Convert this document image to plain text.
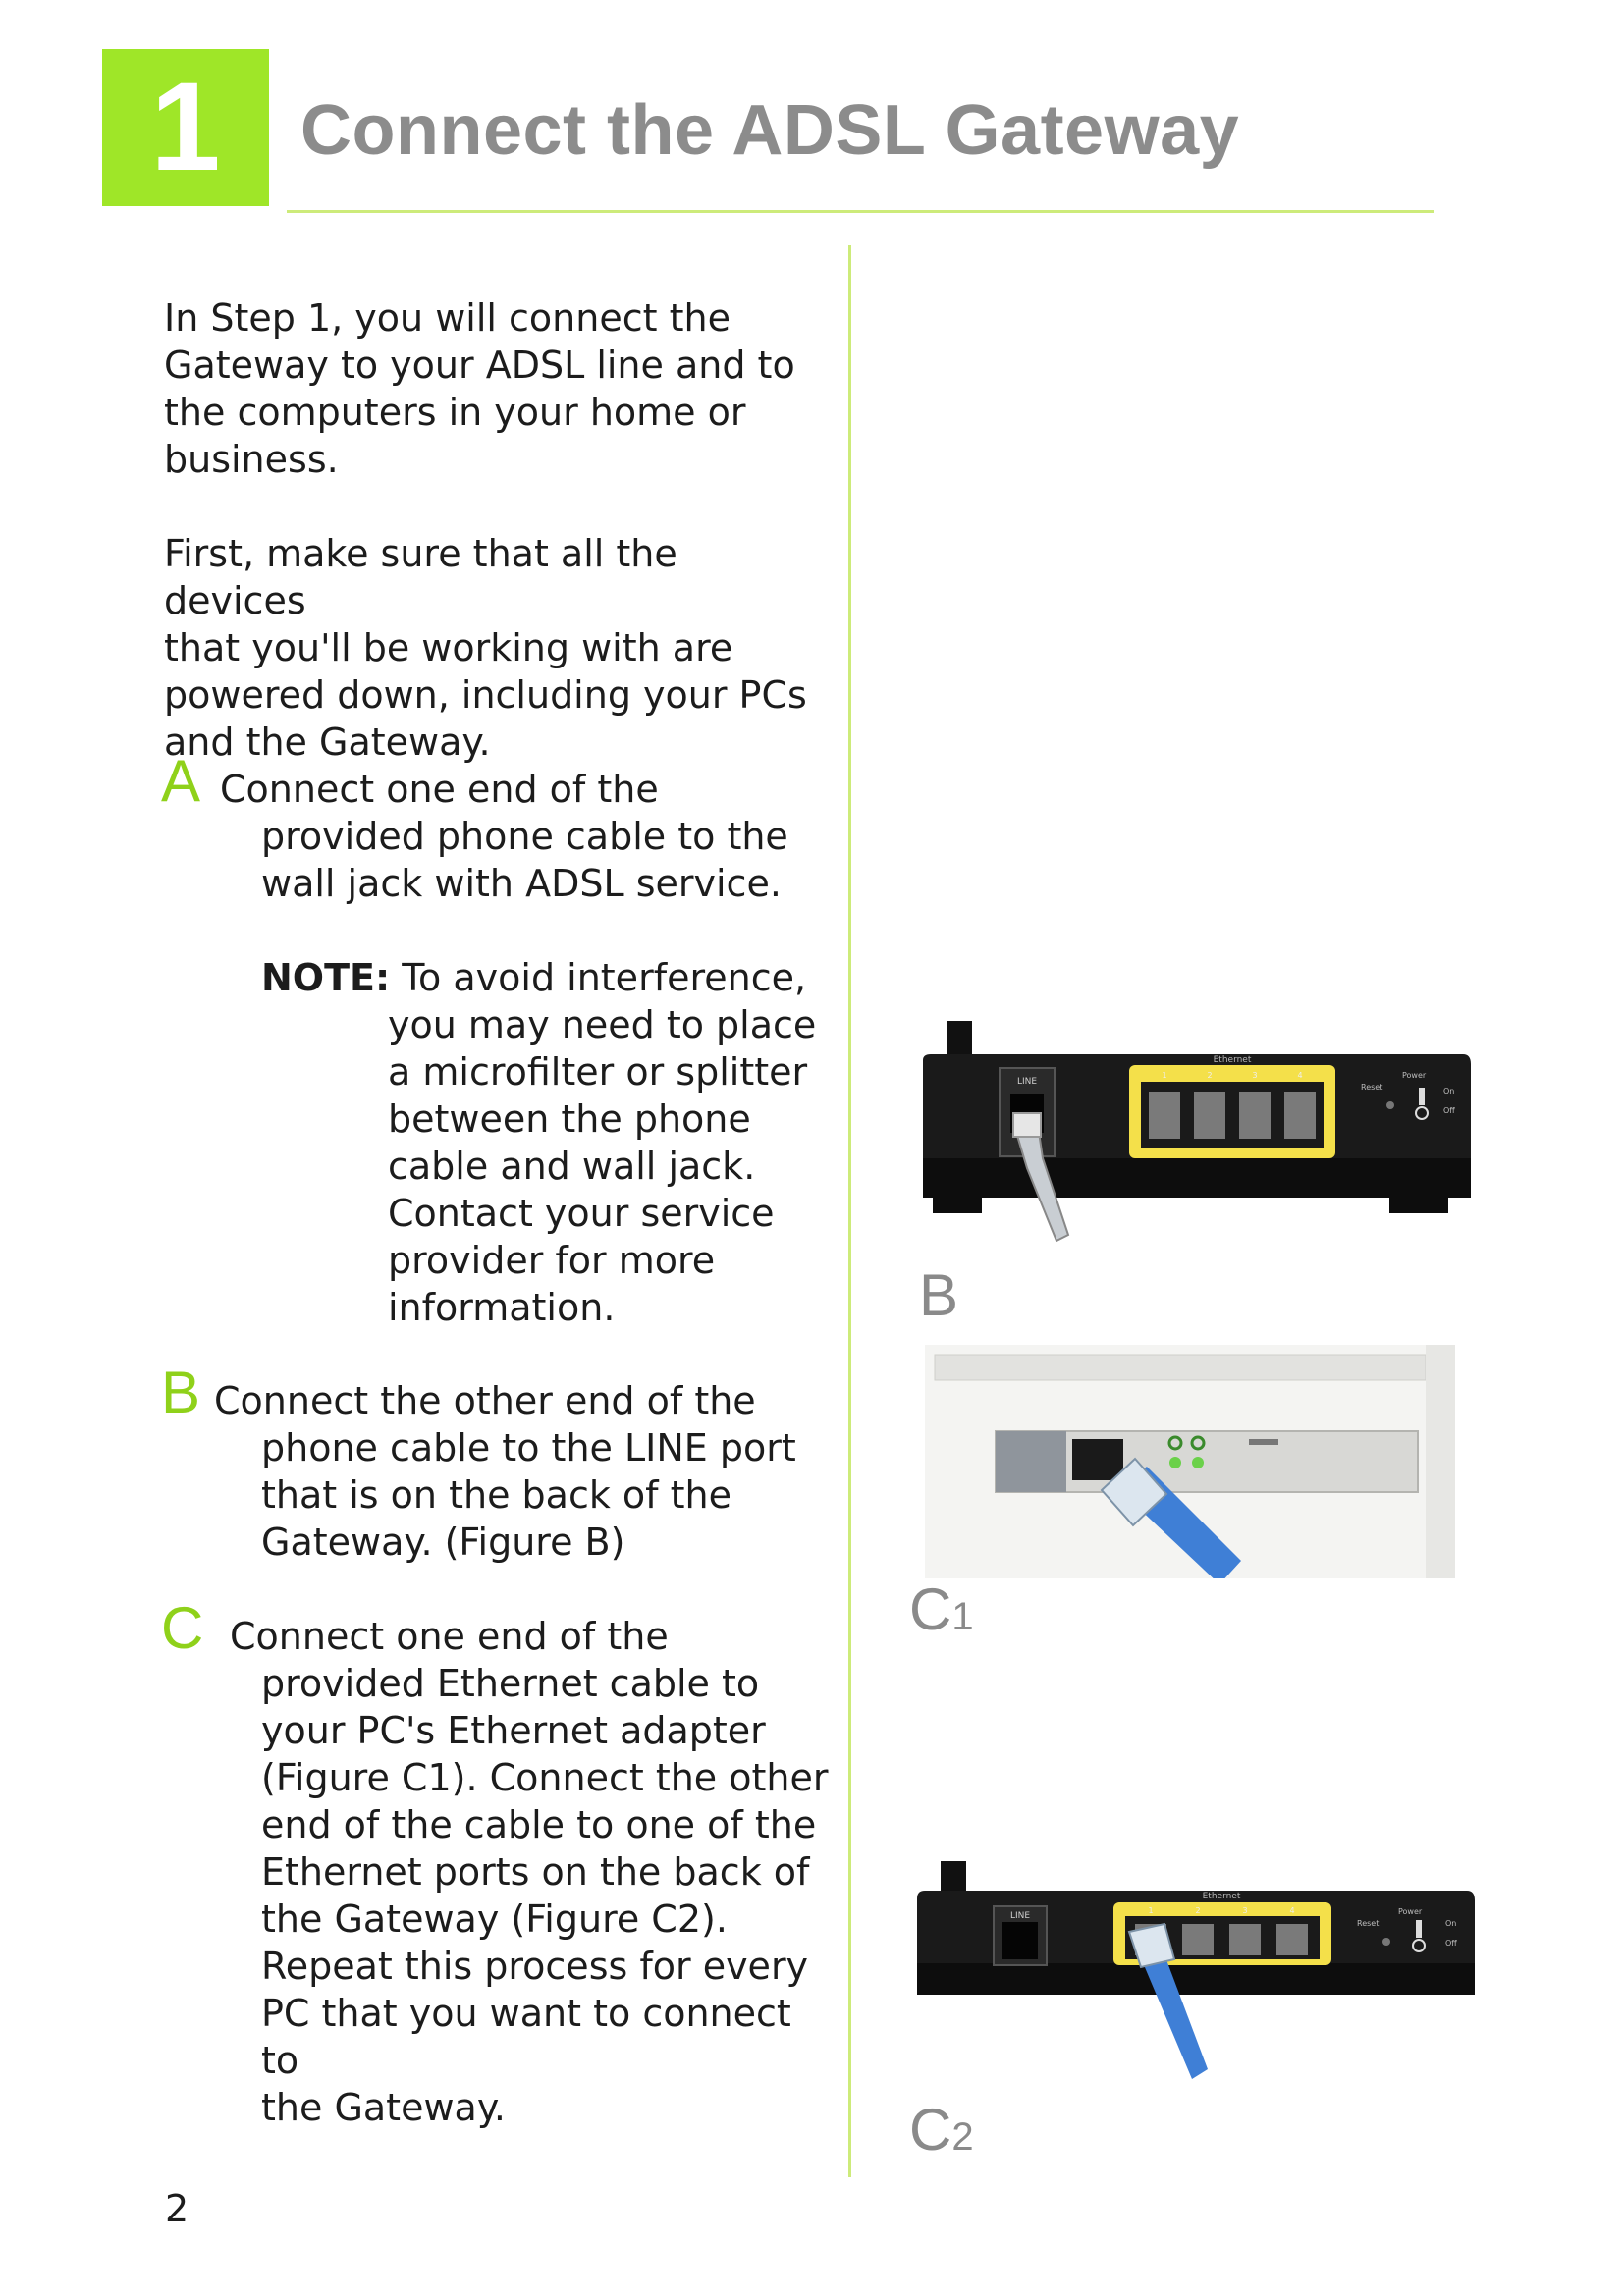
1	Connect the ADSL Gateway
In Step 1, you will connect the
Gateway to your ADSL line and to
the computers in your home or
business.
First, make sure that all the devices
that you'll be working with are
powered down, including your PCs
and the Gateway.
A Connect one end of the
provided phone cable to the
wall jack with ADSL service.
NOTE: To avoid interference,
you may need to place
a microfilter or splitter
between the phone
cable and wall jack.
Contact your service
provider for more
information.
B Connect the other end of the
phone cable to the LINE port
that is on the back of the
Gateway. (Figure B)
C Connect one end of the
provided Ethernet cable to
your PC's Ethernet adapter
(Figure C1). Connect the other
end of the cable to one of the
Ethernet ports on the back of
the Gateway (Figure C2).
Repeat this process for every
PC that you want to connect to
the Gateway.
LINE
Ethernet
1	2	3	4
Reset
Power
On
Off
B
C1
LINE
Ethernet
1	2	3	4
Reset
Power
On
Off
C2
2
